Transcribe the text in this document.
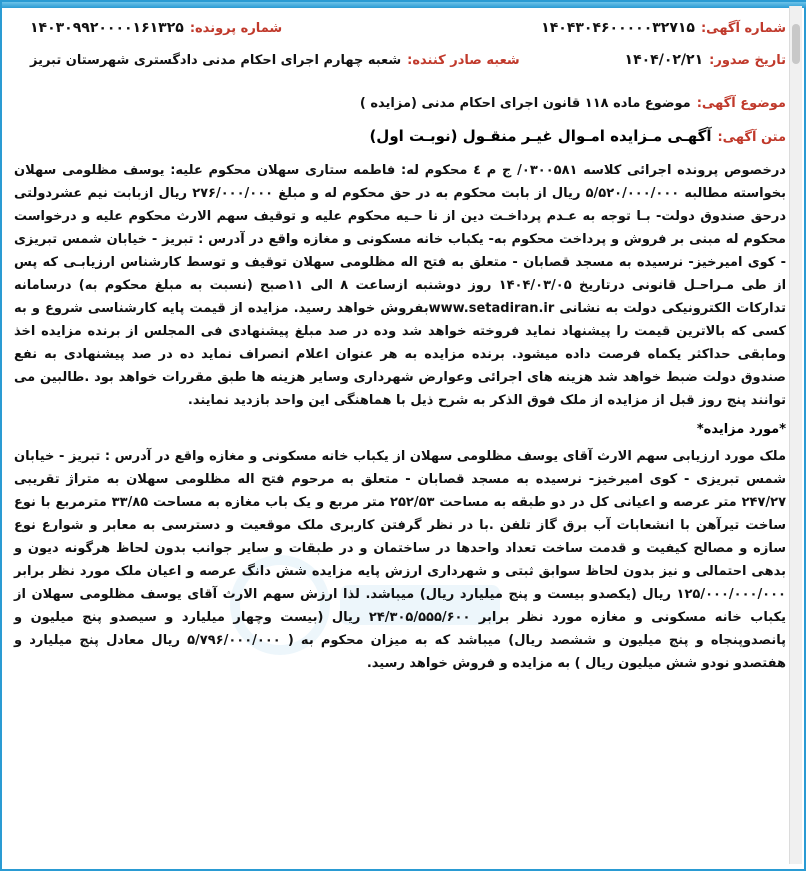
شماره آگهی:
۱۴۰۴۳۰۴۶۰۰۰۰۰۳۲۷۱۵
شماره پرونده:
۱۴۰۳۰۹۹۲۰۰۰۰۱۶۱۳۲۵
تاریخ صدور:
۱۴۰۴/۰۲/۲۱
شعبه صادر کننده:
شعبه چهارم اجرای احکام مدنی دادگستری شهرستان تبریز
موضوع آگهی:
موضوع ماده ۱۱۸ قانون اجرای احکام مدنی (مزایده )
متن آگهی:
آگهـی مـزایده امـوال غیـر منقـول (نوبـت اول)
درخصوص پرونده اجرائی کلاسه ۰۳۰۰۵۸۱/ ج م ٤ محکوم له: فاطمه ستاری سهلان محکوم علیه: یوسف مظلومی سهلان بخواسته مطالبه ۵/۵۲۰/۰۰۰/۰۰۰ ریال از بابت محکوم به در حق محکوم له و مبلغ ۲۷۶/۰۰۰/۰۰۰ ریال ازبابت نیم عشردولتی درحق صندوق دولت- بـا توجه به عـدم پرداخـت دین از نا حـیه محکوم علیه و توقیف سهم الارث محکوم علیه و درخواست محکوم له مبنی بر فروش و پرداخت محکوم به- یکباب خانه مسکونی و مغازه واقع در آدرس : تبریز - خیابان شمس تبریزی - کوی امیرخیز- نرسیده به مسجد قصابان - متعلق به فتح اله مظلومی سهلان توقیف و توسط کارشناس ارزیابـی که پس از طی مـراحـل قانونی درتاریخ ۱۴۰۴/۰۳/۰۵ روز دوشنبه ازساعت ۸ الی ۱۱صبح (نسبت به مبلغ محکوم به) درسامانه تدارکات الکترونیکی دولت به نشانی www.setadiran.irبفروش خواهد رسید. مزایده از قیمت پایه کارشناسی شروع و به کسی که بالاترین قیمت را پیشنهاد نماید فروخته خواهد شد وده در صد مبلغ پیشنهادی فی المجلس از برنده مزایده اخذ ومابقی حداکثر یکماه فرصت داده میشود. برنده مزایده به هر عنوان اعلام انصراف نماید ده در صد پیشنهادی به نفع صندوق دولت ضبط خواهد شد هزینه های اجرائی وعوارض شهرداری وسایر هزینه ها طبق مقررات خواهد بود .طالبین می توانند پنج روز قبل از مزایده از ملک فوق الذکر به شرح ذیل با هماهنگی این واحد بازدید نمایند.
*مورد مزایده*
ملک مورد ارزیابی سهم الارث آقای یوسف مظلومی سهلان از یکباب خانه مسکونی و مغازه واقع در آدرس : تبریز - خیابان شمس تبریزی - کوی امیرخیز- نرسیده به مسجد قصابان - متعلق به مرحوم فتح اله مظلومی سهلان به متراژ تقریبی ۲۴۷/۲۷ متر عرصه و اعیانی کل در دو طبقه به مساحت ۲۵۲/۵۳ متر مربع و یک باب مغازه به مساحت ۳۳/۸۵ مترمربع با نوع ساخت تیرآهن با انشعابات آب برق گاز تلفن .با در نظر گرفتن کاربری ملک موقعیت و دسترسی به معابر و شوارع نوع سازه و مصالح کیفیت و قدمت ساخت تعداد واحدها در ساختمان و در طبقات و سایر جوانب بدون لحاظ هرگونه دیون و بدهی احتمالی و نیز بدون لحاظ سوابق ثبتی و شهرداری ارزش پایه مزایده شش دانگ عرصه و اعیان ملک مورد نظر برابر ۱۲۵/۰۰۰/۰۰۰/۰۰۰ ریال (یکصدو بیست و پنج میلیارد ریال) میباشد. لذا ارزش سهم الارث آقای یوسف مظلومی سهلان از یکباب خانه مسکونی و مغازه مورد نظر برابر ۲۴/۳۰۵/۵۵۵/۶۰۰ ریال (بیست وچهار میلیارد و سیصدو پنج میلیون و پانصدوپنجاه و پنج میلیون و ششصد ریال) میباشد که به میزان محکوم به ( ۵/۷۹۶/۰۰۰/۰۰۰ ریال معادل پنج میلیارد و هفتصدو نودو شش میلیون ریال ) به مزایده و فروش خواهد رسید.
